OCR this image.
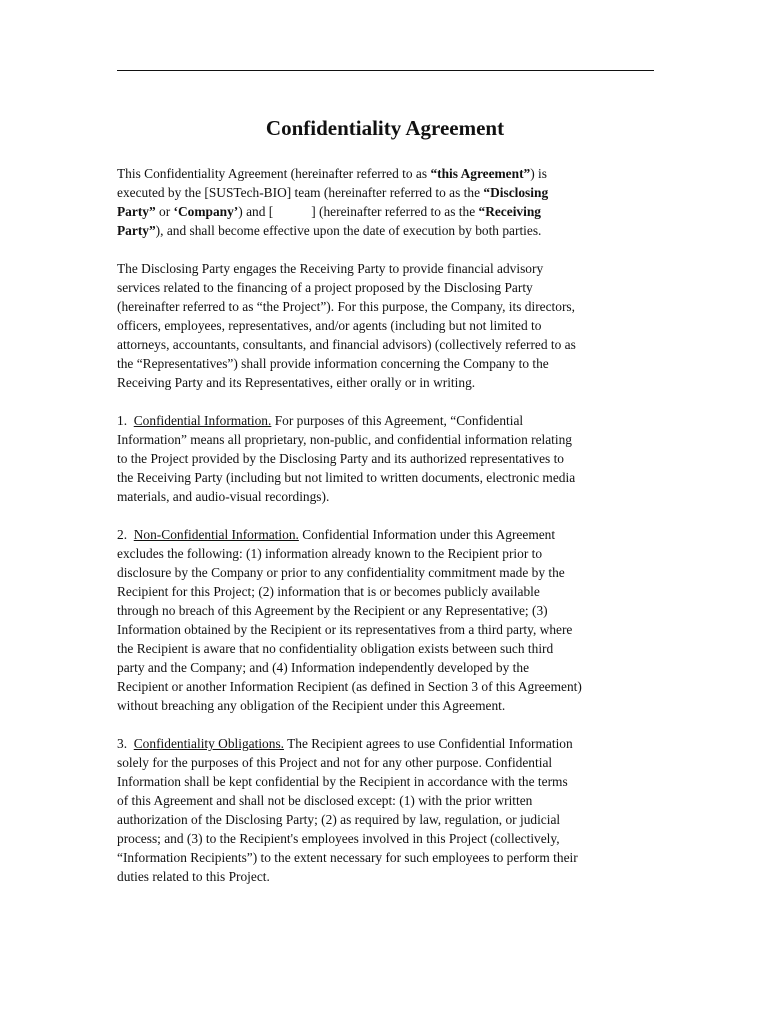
Confidentiality Agreement
This Confidentiality Agreement (hereinafter referred to as “this Agreement”) is
executed by the [SUSTech-BIO] team (hereinafter referred to as the “Disclosing
Party” or ‘Company’) and [	] (hereinafter referred to as the “Receiving
Party”), and shall become effective upon the date of execution by both parties.
The Disclosing Party engages the Receiving Party to provide financial advisory
services related to the financing of a project proposed by the Disclosing Party
(hereinafter referred to as “the Project”). For this purpose, the Company, its directors,
officers, employees, representatives, and/or agents (including but not limited to
attorneys, accountants, consultants, and financial advisors) (collectively referred to as
the “Representatives”) shall provide information concerning the Company to the
Receiving Party and its Representatives, either orally or in writing.
1.  Confidential Information. For purposes of this Agreement, “Confidential
Information” means all proprietary, non-public, and confidential information relating
to the Project provided by the Disclosing Party and its authorized representatives to
the Receiving Party (including but not limited to written documents, electronic media
materials, and audio-visual recordings).
2.  Non-Confidential Information. Confidential Information under this Agreement
excludes the following: (1) information already known to the Recipient prior to
disclosure by the Company or prior to any confidentiality commitment made by the
Recipient for this Project; (2) information that is or becomes publicly available
through no breach of this Agreement by the Recipient or any Representative; (3)
Information obtained by the Recipient or its representatives from a third party, where
the Recipient is aware that no confidentiality obligation exists between such third
party and the Company; and (4) Information independently developed by the
Recipient or another Information Recipient (as defined in Section 3 of this Agreement)
without breaching any obligation of the Recipient under this Agreement.
3.  Confidentiality Obligations. The Recipient agrees to use Confidential Information
solely for the purposes of this Project and not for any other purpose. Confidential
Information shall be kept confidential by the Recipient in accordance with the terms
of this Agreement and shall not be disclosed except: (1) with the prior written
authorization of the Disclosing Party; (2) as required by law, regulation, or judicial
process; and (3) to the Recipient's employees involved in this Project (collectively,
“Information Recipients”) to the extent necessary for such employees to perform their
duties related to this Project.
